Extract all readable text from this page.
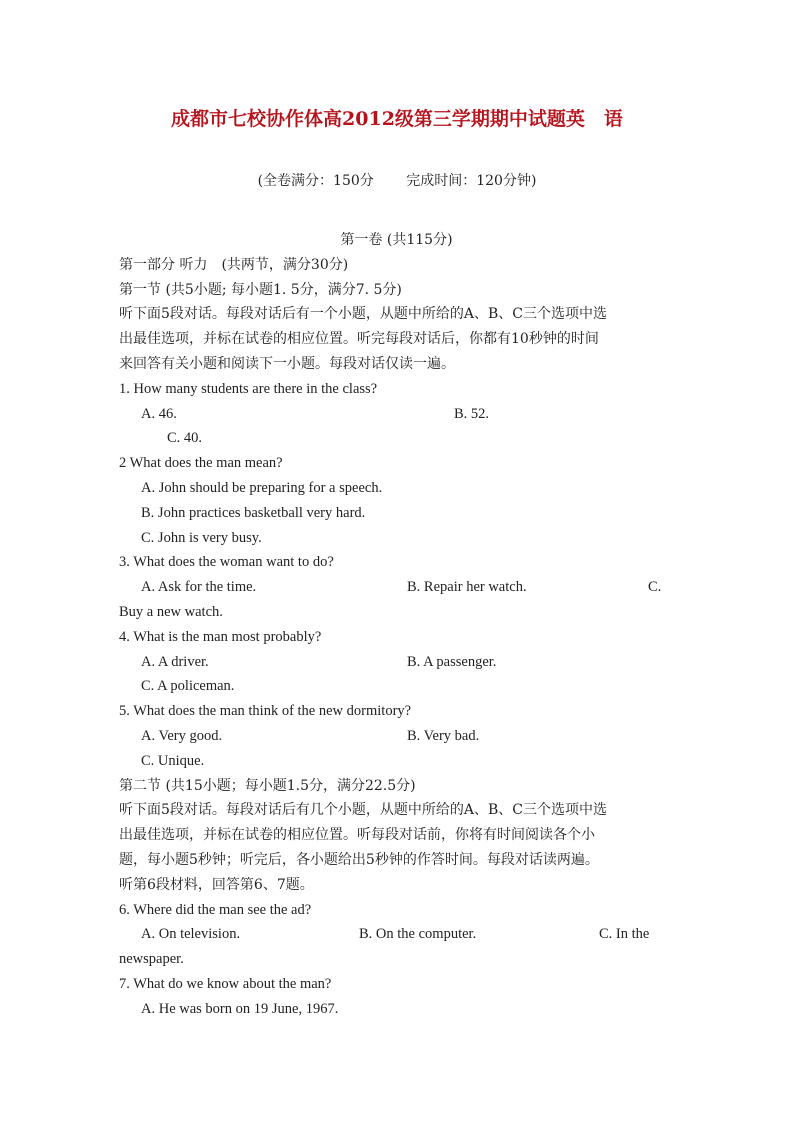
成都市七校协作体高2012级第三学期期中试题英　语
(全卷满分：150分 完成时间：120分钟)
第一卷 (共115分)
第一部分 听力　(共两节，满分30分)
第一节 (共5小题; 每小题1. 5分，满分7. 5分)
听下面5段对话。每段对话后有一个小题，从题中所给的A、B、C三个选项中选
出最佳选项，并标在试卷的相应位置。听完每段对话后，你都有10秒钟的时间
来回答有关小题和阅读下一小题。每段对话仅读一遍。
1. How many students are there in the class?
A. 46.	B. 52.
C. 40.
2 What does the man mean?
A. John should be preparing for a speech.
B. John practices basketball very hard.
C. John is very busy.
3. What does the woman want to do?
A. Ask for the time.	B. Repair her watch.	C.
Buy a new watch.
4. What is the man most probably?
A. A driver.	B. A passenger.
C. A policeman.
5. What does the man think of the new dormitory?
A. Very good.	B. Very bad.
C. Unique.
第二节 (共15小题；每小题1.5分，满分22.5分)
听下面5段对话。每段对话后有几个小题，从题中所给的A、B、C三个选项中选
出最佳选项，并标在试卷的相应位置。听每段对话前，你将有时间阅读各个小
题，每小题5秒钟；听完后，各小题给出5秒钟的作答时间。每段对话读两遍。
听第6段材料，回答第6、7题。
6. Where did the man see the ad?
A. On television.	B. On the computer.	C. In the
newspaper.
7. What do we know about the man?
A. He was born on 19 June, 1967.
